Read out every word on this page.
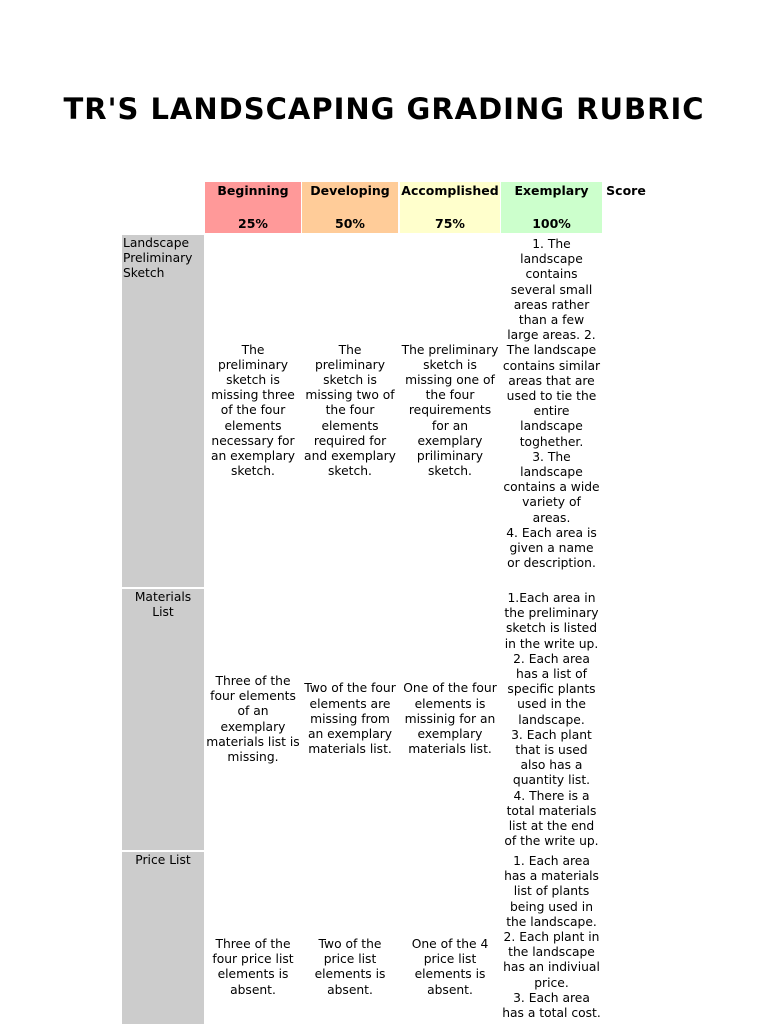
TR'S LANDSCAPING GRADING RUBRIC
Beginning
25%
Developing
50%
Accomplished
75%
Exemplary
100%
Score
Landscape Preliminary Sketch
The preliminary sketch is missing three of the four elements necessary for an exemplary sketch.
The preliminary sketch is missing two of the four elements required for and exemplary sketch.
The preliminary sketch is missing one of the four requirements for an exemplary priliminary sketch.

1. The landscape contains several small areas rather than a few large areas. 2. The landscape contains similar areas that are used to tie the entire landscape toghether.

3. The landscape contains a wide variety of areas.

4. Each area is given a name or description.

Materials List
Three of the four elements of an exemplary materials list is missing.
Two of the four elements are missing from an exemplary materials list.
One of the four elements is missinig for an exemplary materials list.

1.Each area in the preliminary sketch is listed in the write up.

2. Each area has a list of specific plants used in the landscape.

3. Each plant that is used also has a quantity list.

4. There is a total materials list at the end of the write up.

Price List
Three of the four price list elements is absent.
Two of the price list elements is absent.
One of the 4 price list elements is absent.

1. Each area has a materials list of plants being used in the landscape.

2. Each plant in the landscape has an indiviual price.

3. Each area has a total cost.
